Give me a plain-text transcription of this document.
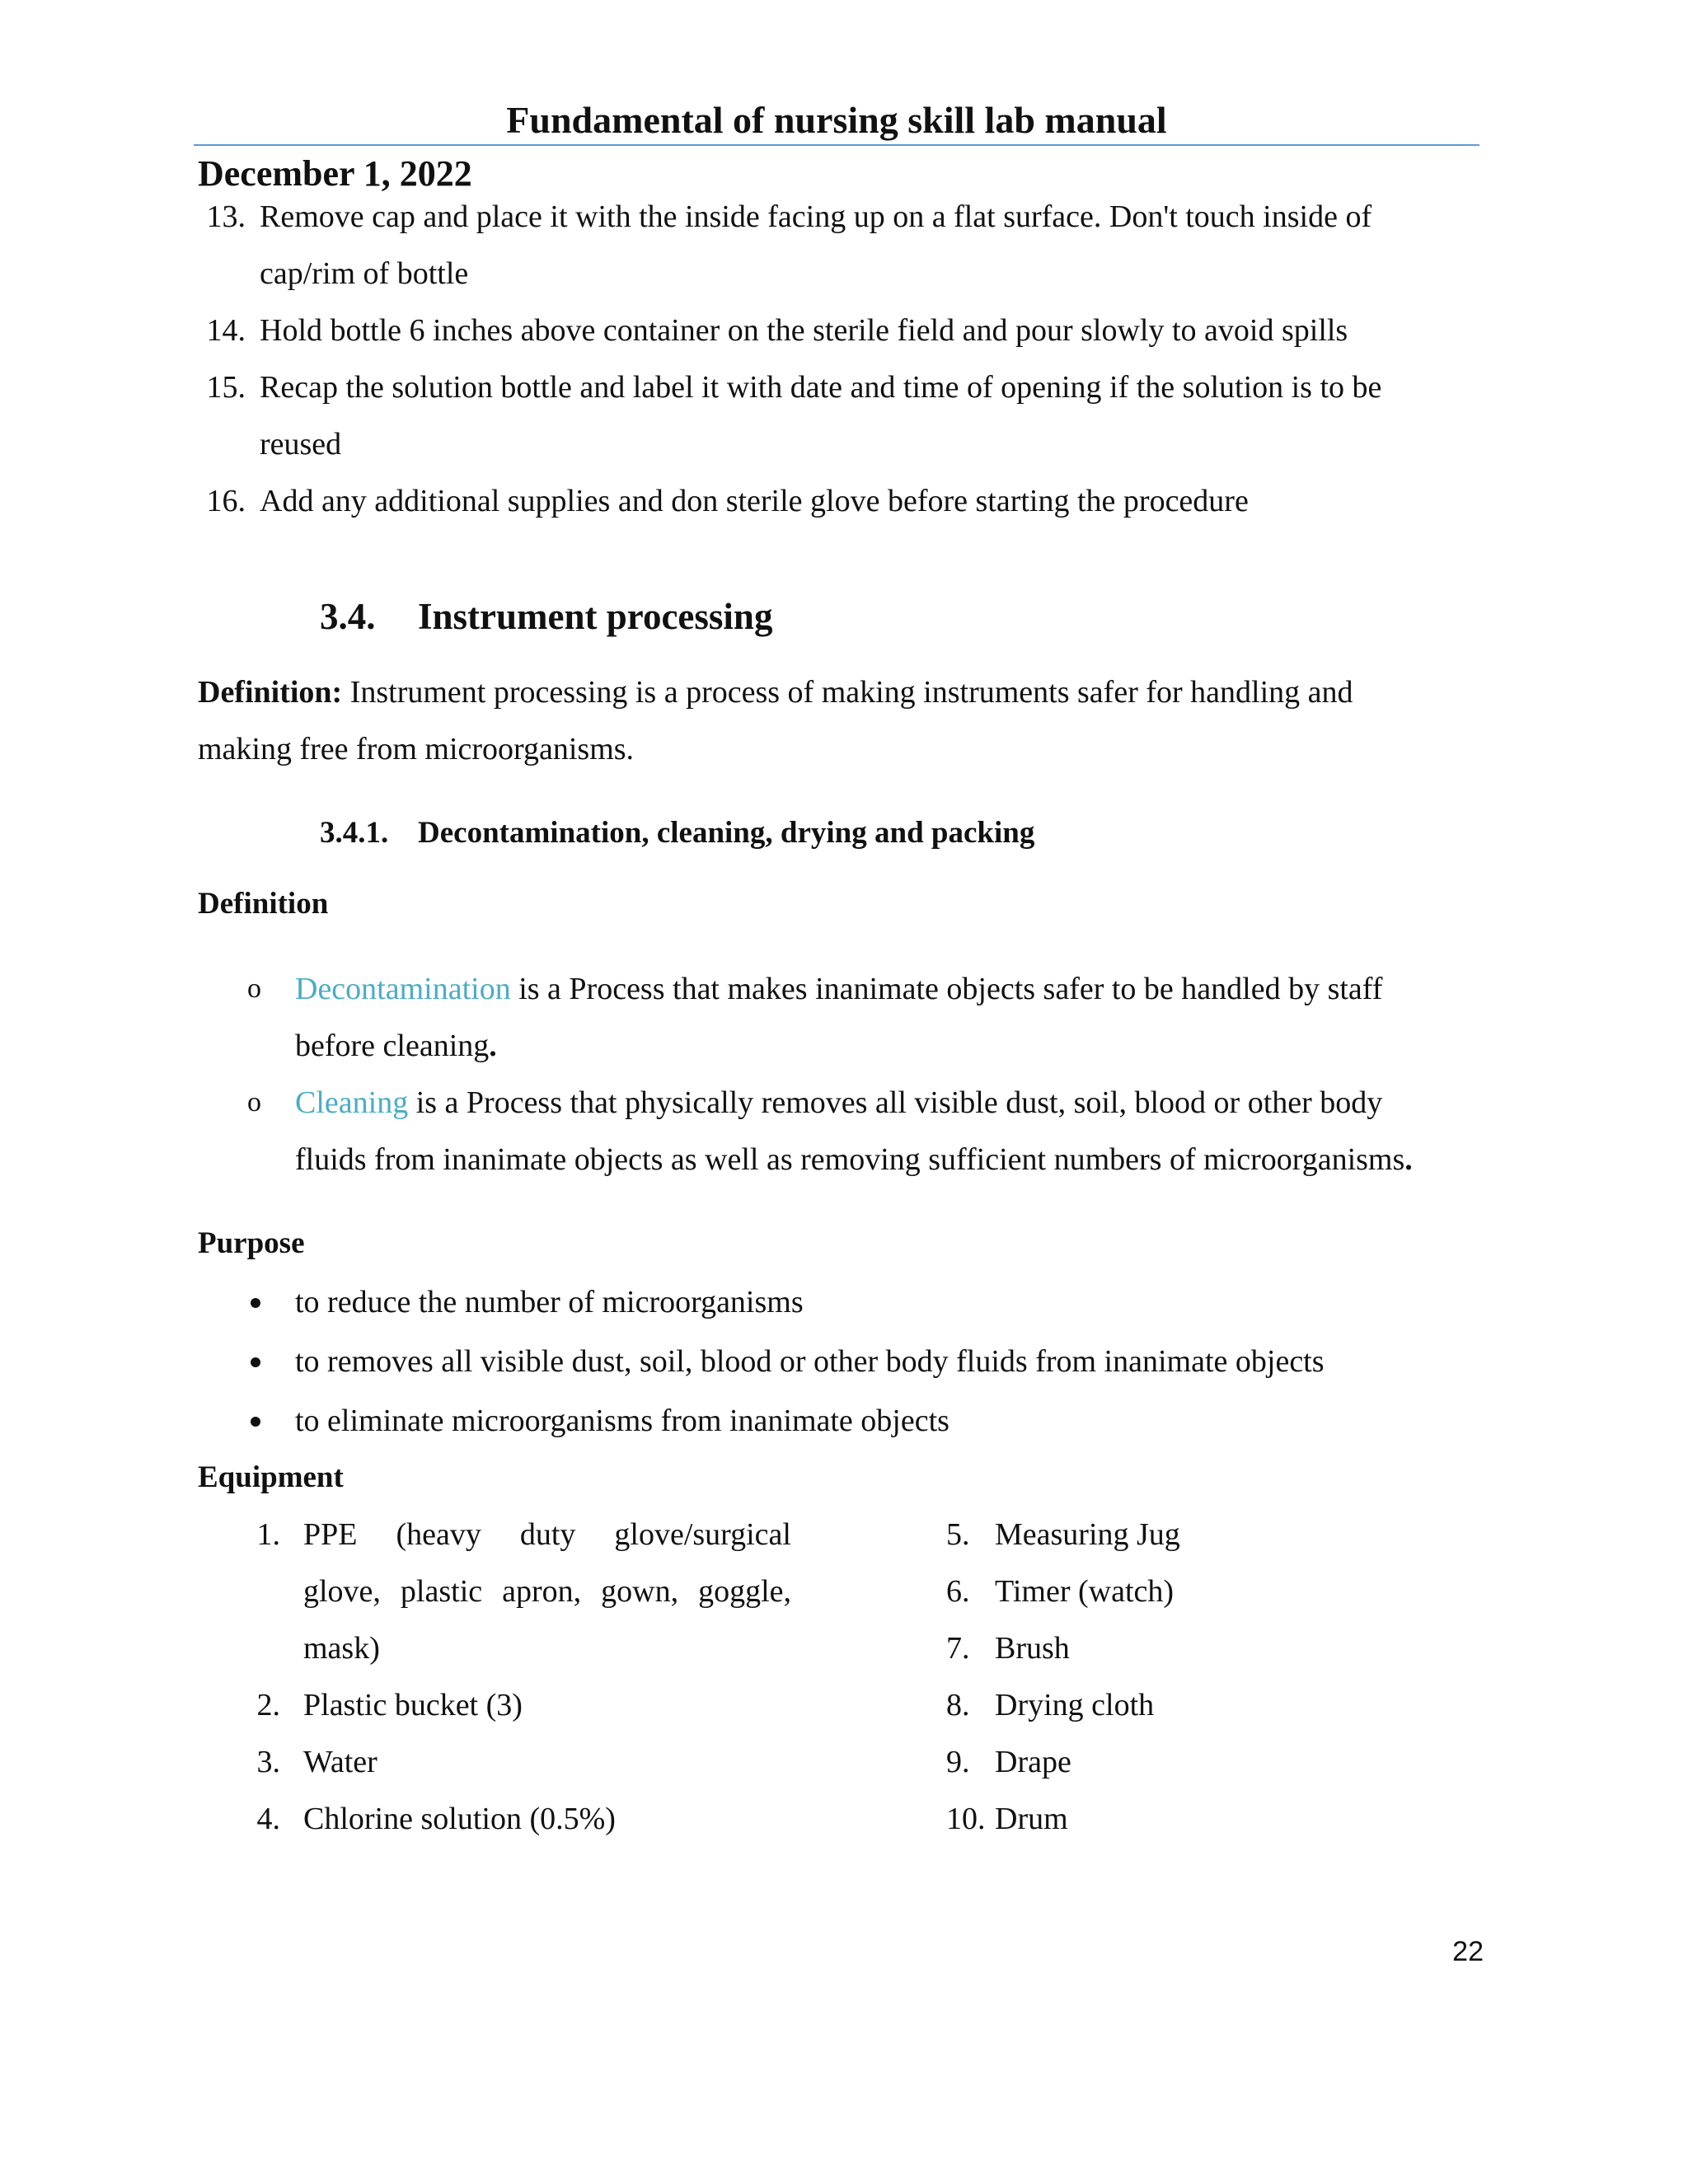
Fundamental of nursing skill lab manual
December 1, 2022
13. Remove cap and place it with the inside facing up on a flat surface. Don't touch inside of
cap/rim of bottle
14. Hold bottle 6 inches above container on the sterile field and pour slowly to avoid spills
15. Recap the solution bottle and label it with date and time of opening if the solution is to be
reused
16. Add any additional supplies and don sterile glove before starting the procedure
3.4. Instrument processing
Definition: Instrument processing is a process of making instruments safer for handling and
making free from microorganisms.
3.4.1. Decontamination, cleaning, drying and packing
Definition
o Decontamination is a Process that makes inanimate objects safer to be handled by staff
before cleaning.
o Cleaning is a Process that physically removes all visible dust, soil, blood or other body
fluids from inanimate objects as well as removing sufficient numbers of microorganisms.
Purpose
to reduce the number of microorganisms
to removes all visible dust, soil, blood or other body fluids from inanimate objects
to eliminate microorganisms from inanimate objects
Equipment
1. PPE (heavy duty glove/surgical
glove, plastic apron, gown, goggle,
mask)
2. Plastic bucket (3)
3. Water
4. Chlorine solution (0.5%)
5. Measuring Jug
6. Timer (watch)
7. Brush
8. Drying cloth
9. Drape
10. Drum
22
